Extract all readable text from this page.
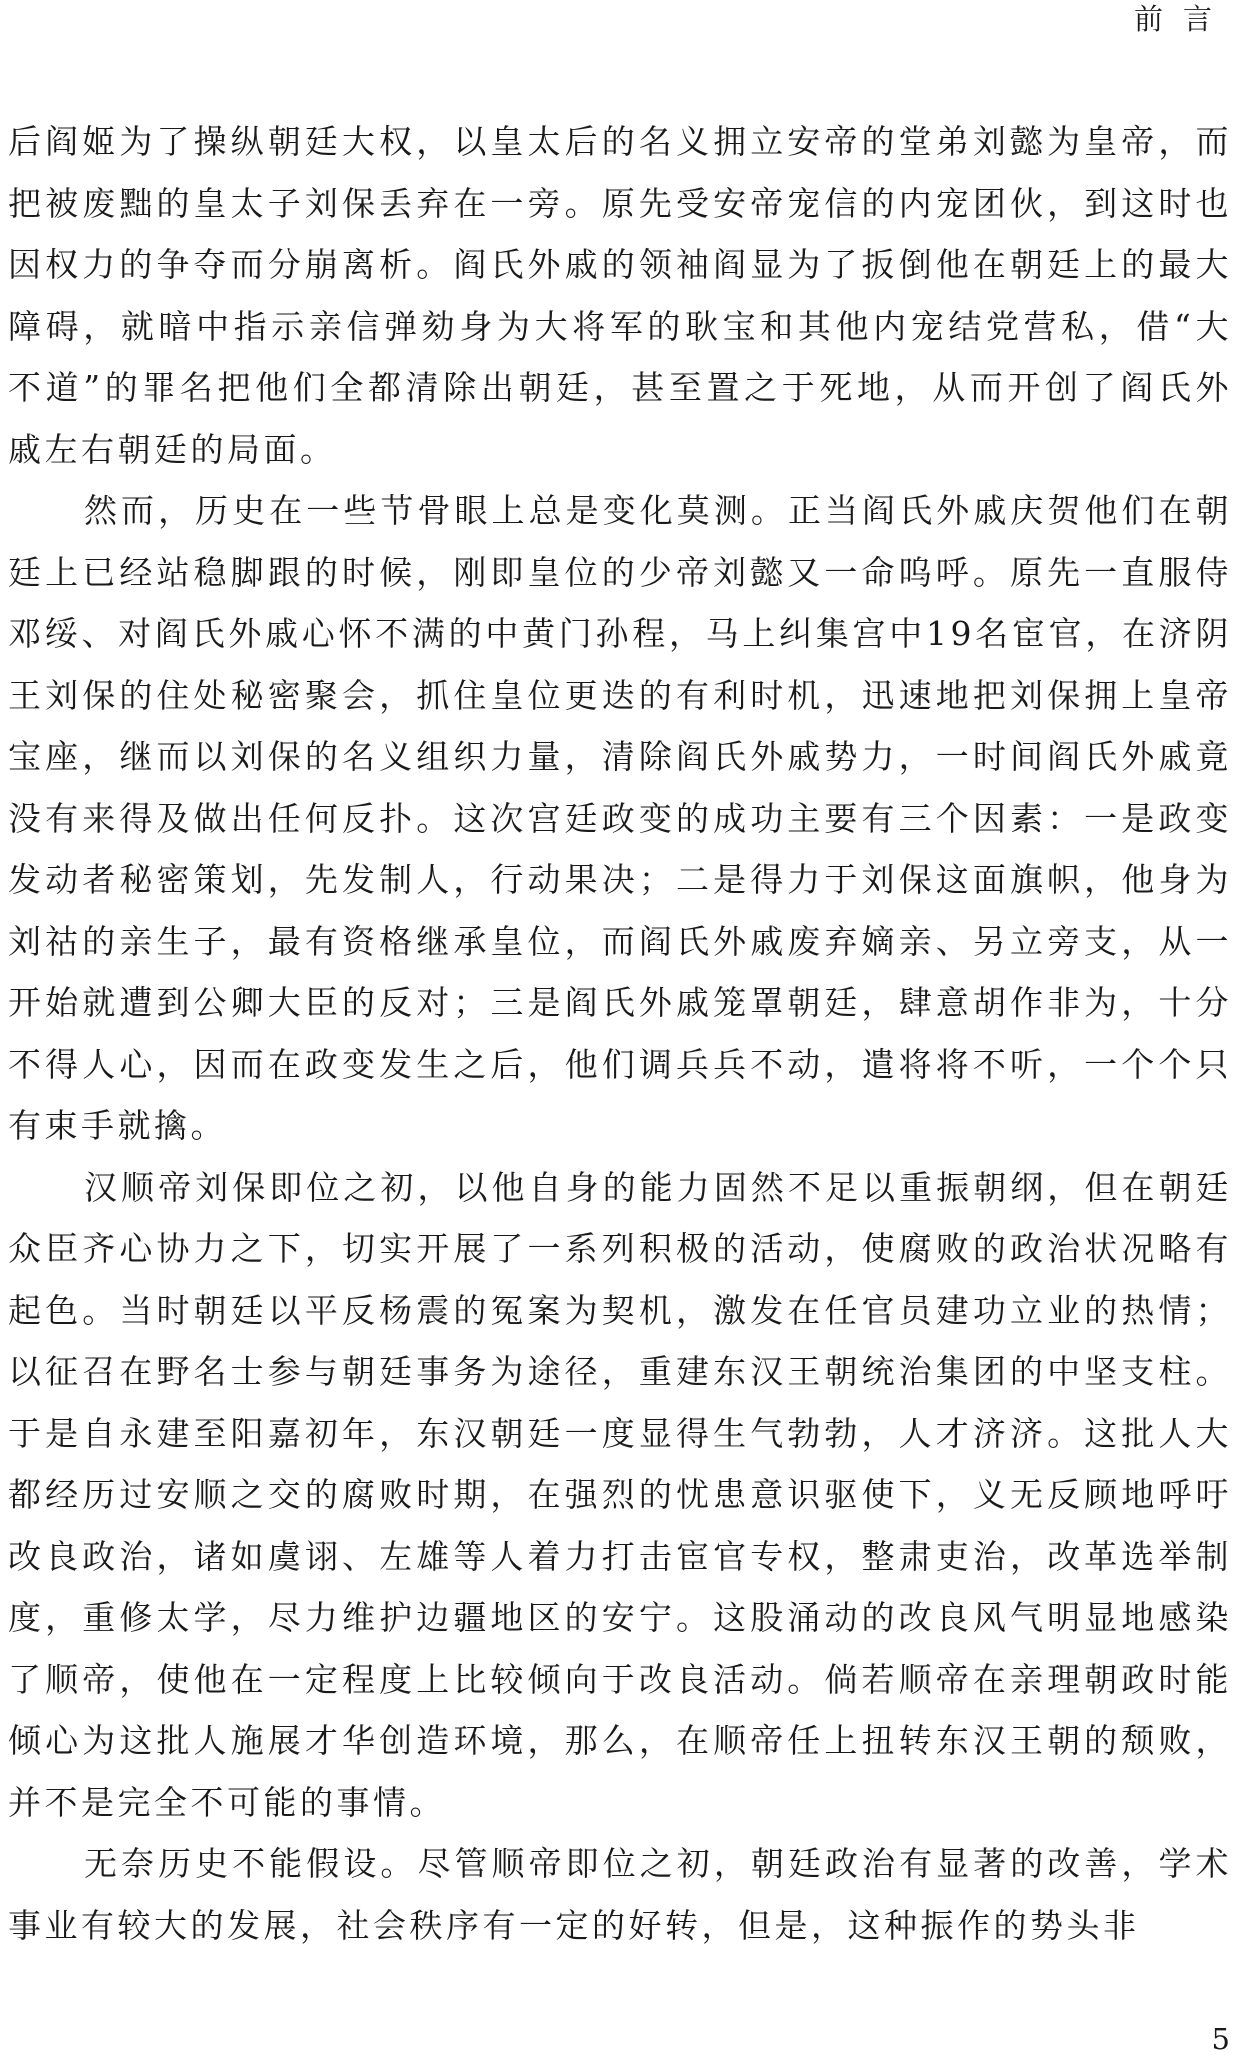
前言

后阎姬为了操纵朝廷大权，以皇太后的名义拥立安帝的堂弟刘懿为皇帝，而把被废黜的皇太子刘保丢弃在一旁。原先受安帝宠信的内宠团伙，到这时也因权力的争夺而分崩离析。阎氏外戚的领袖阎显为了扳倒他在朝廷上的最大障碍，就暗中指示亲信弹劾身为大将军的耿宝和其他内宠结党营私，借“大不道”的罪名把他们全都清除出朝廷，甚至置之于死地，从而开创了阎氏外戚左右朝廷的局面。

然而，历史在一些节骨眼上总是变化莫测。正当阎氏外戚庆贺他们在朝廷上已经站稳脚跟的时候，刚即皇位的少帝刘懿又一命呜呼。原先一直服侍邓绥、对阎氏外戚心怀不满的中黄门孙程，马上纠集宫中19名宦官，在济阴王刘保的住处秘密聚会，抓住皇位更迭的有利时机，迅速地把刘保拥上皇帝宝座，继而以刘保的名义组织力量，清除阎氏外戚势力，一时间阎氏外戚竟没有来得及做出任何反扑。这次宫廷政变的成功主要有三个因素：一是政变发动者秘密策划，先发制人，行动果决；二是得力于刘保这面旗帜，他身为刘祜的亲生子，最有资格继承皇位，而阎氏外戚废弃嫡亲、另立旁支，从一开始就遭到公卿大臣的反对；三是阎氏外戚笼罩朝廷，肆意胡作非为，十分不得人心，因而在政变发生之后，他们调兵兵不动，遣将将不听，一个个只有束手就擒。

汉顺帝刘保即位之初，以他自身的能力固然不足以重振朝纲，但在朝廷众臣齐心协力之下，切实开展了一系列积极的活动，使腐败的政治状况略有起色。当时朝廷以平反杨震的冤案为契机，激发在任官员建功立业的热情；以征召在野名士参与朝廷事务为途径，重建东汉王朝统治集团的中坚支柱。于是自永建至阳嘉初年，东汉朝廷一度显得生气勃勃，人才济济。这批人大都经历过安顺之交的腐败时期，在强烈的忧患意识驱使下，义无反顾地呼吁改良政治，诸如虞诩、左雄等人着力打击宦官专权，整肃吏治，改革选举制度，重修太学，尽力维护边疆地区的安宁。这股涌动的改良风气明显地感染了顺帝，使他在一定程度上比较倾向于改良活动。倘若顺帝在亲理朝政时能倾心为这批人施展才华创造环境，那么，在顺帝任上扭转东汉王朝的颓败，并不是完全不可能的事情。

无奈历史不能假设。尽管顺帝即位之初，朝廷政治有显著的改善，学术事业有较大的发展，社会秩序有一定的好转，但是，这种振作的势头非

5
